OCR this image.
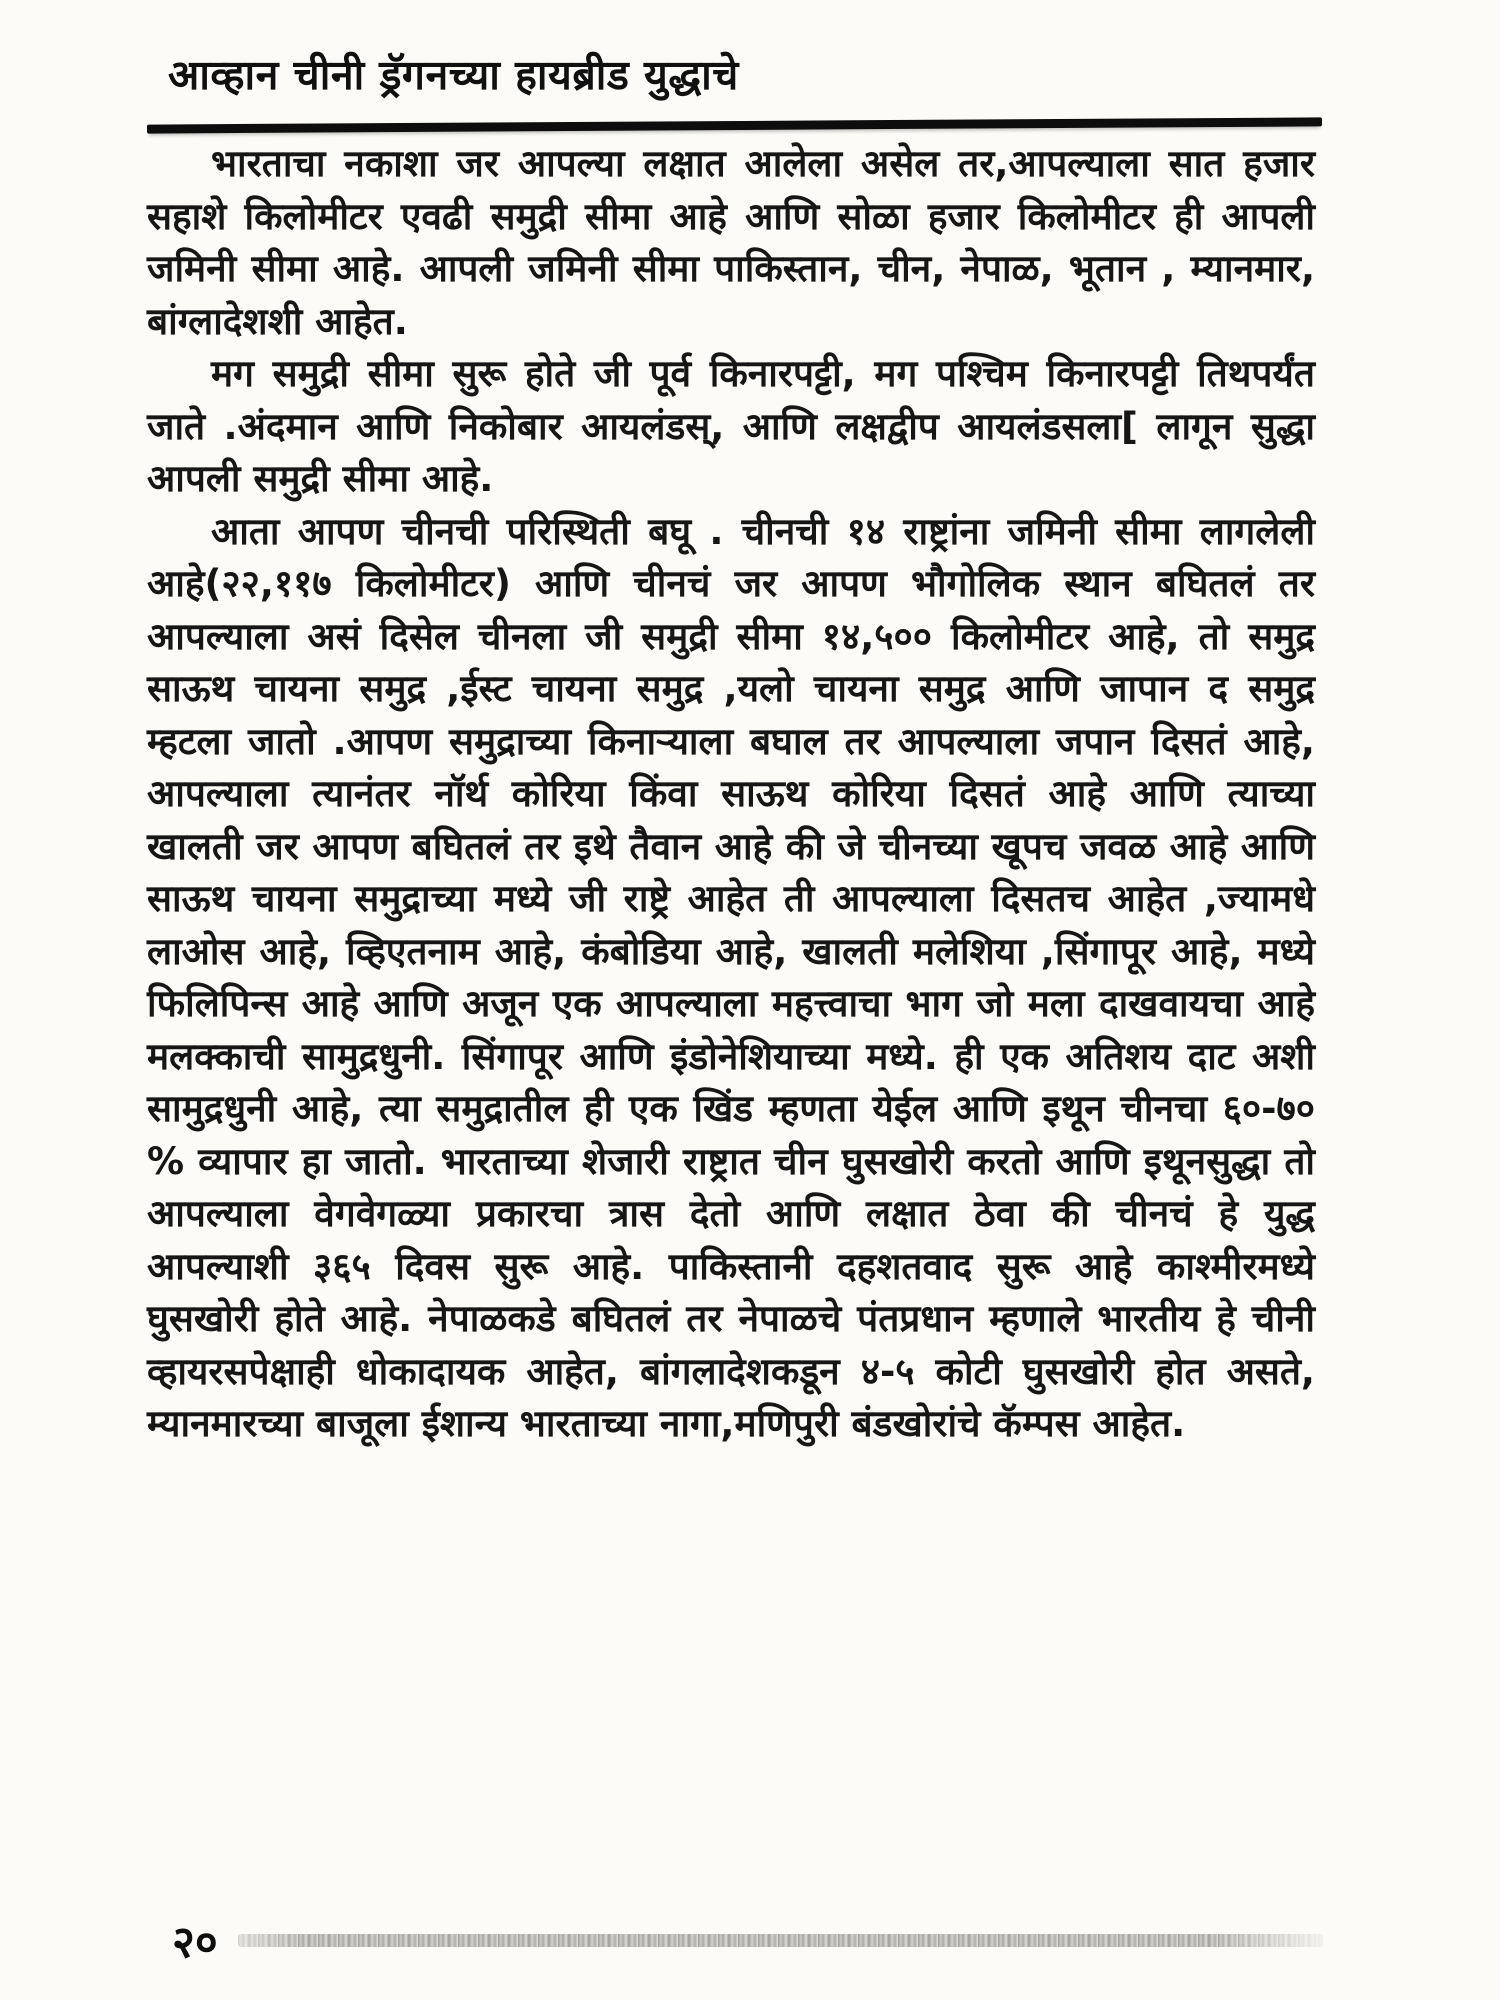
आव्हान चीनी ड्रॅगनच्या हायब्रीड युद्धाचे

भारताचा नकाशा जर आपल्या लक्षात आलेला असेल तर,आपल्याला सात हजार सहाशे किलोमीटर एवढी समुद्री सीमा आहे आणि सोळा हजार किलोमीटर ही आपली जमिनी सीमा आहे. आपली जमिनी सीमा पाकिस्तान, चीन, नेपाळ, भूतान , म्यानमार, बांग्लादेशशी आहेत.

मग समुद्री सीमा सुरू होते जी पूर्व किनारपट्टी, मग पश्चिम किनारपट्टी तिथपर्यंत जाते .अंदमान आणि निकोबार आयलंडस्, आणि लक्षद्वीप आयलंडसला[ लागून सुद्धा आपली समुद्री सीमा आहे.

आता आपण चीनची परिस्थिती बघू . चीनची १४ राष्ट्रांना जमिनी सीमा लागलेली आहे(२२,११७ किलोमीटर) आणि चीनचं जर आपण भौगोलिक स्थान बघितलं तर आपल्याला असं दिसेल चीनला जी समुद्री सीमा १४,५०० किलोमीटर आहे, तो समुद्र साऊथ चायना समुद्र ,ईस्ट चायना समुद्र ,यलो चायना समुद्र आणि जापान द समुद्र म्हटला जातो .आपण समुद्राच्या किनाऱ्याला बघाल तर आपल्याला जपान दिसतं आहे, आपल्याला त्यानंतर नॉर्थ कोरिया किंवा साऊथ कोरिया दिसतं आहे आणि त्याच्या खालती जर आपण बघितलं तर इथे तैवान आहे की जे चीनच्या खूपच जवळ आहे आणि साऊथ चायना समुद्राच्या मध्ये जी राष्ट्रे आहेत ती आपल्याला दिसतच आहेत ,ज्यामधे लाओस आहे, व्हिएतनाम आहे, कंबोडिया आहे, खालती मलेशिया ,सिंगापूर आहे, मध्ये फिलिपिन्स आहे आणि अजून एक आपल्याला महत्त्वाचा भाग जो मला दाखवायचा आहे मलक्काची सामुद्रधुनी. सिंगापूर आणि इंडोनेशियाच्या मध्ये. ही एक अतिशय दाट अशी सामुद्रधुनी आहे, त्या समुद्रातील ही एक खिंड म्हणता येईल आणि इथून चीनचा ६०-७० % व्यापार हा जातो. भारताच्या शेजारी राष्ट्रात चीन घुसखोरी करतो आणि इथूनसुद्धा तो आपल्याला वेगवेगळ्या प्रकारचा त्रास देतो आणि लक्षात ठेवा की चीनचं हे युद्ध आपल्याशी ३६५ दिवस सुरू आहे. पाकिस्तानी दहशतवाद सुरू आहे काश्मीरमध्ये घुसखोरी होते आहे. नेपाळकडे बघितलं तर नेपाळचे पंतप्रधान म्हणाले भारतीय हे चीनी व्हायरसपेक्षाही धोकादायक आहेत, बांगलादेशकडून ४-५ कोटी घुसखोरी होत असते, म्यानमारच्या बाजूला ईशान्य भारताच्या नागा,मणिपुरी बंडखोरांचे कॅम्पस आहेत.

२०
